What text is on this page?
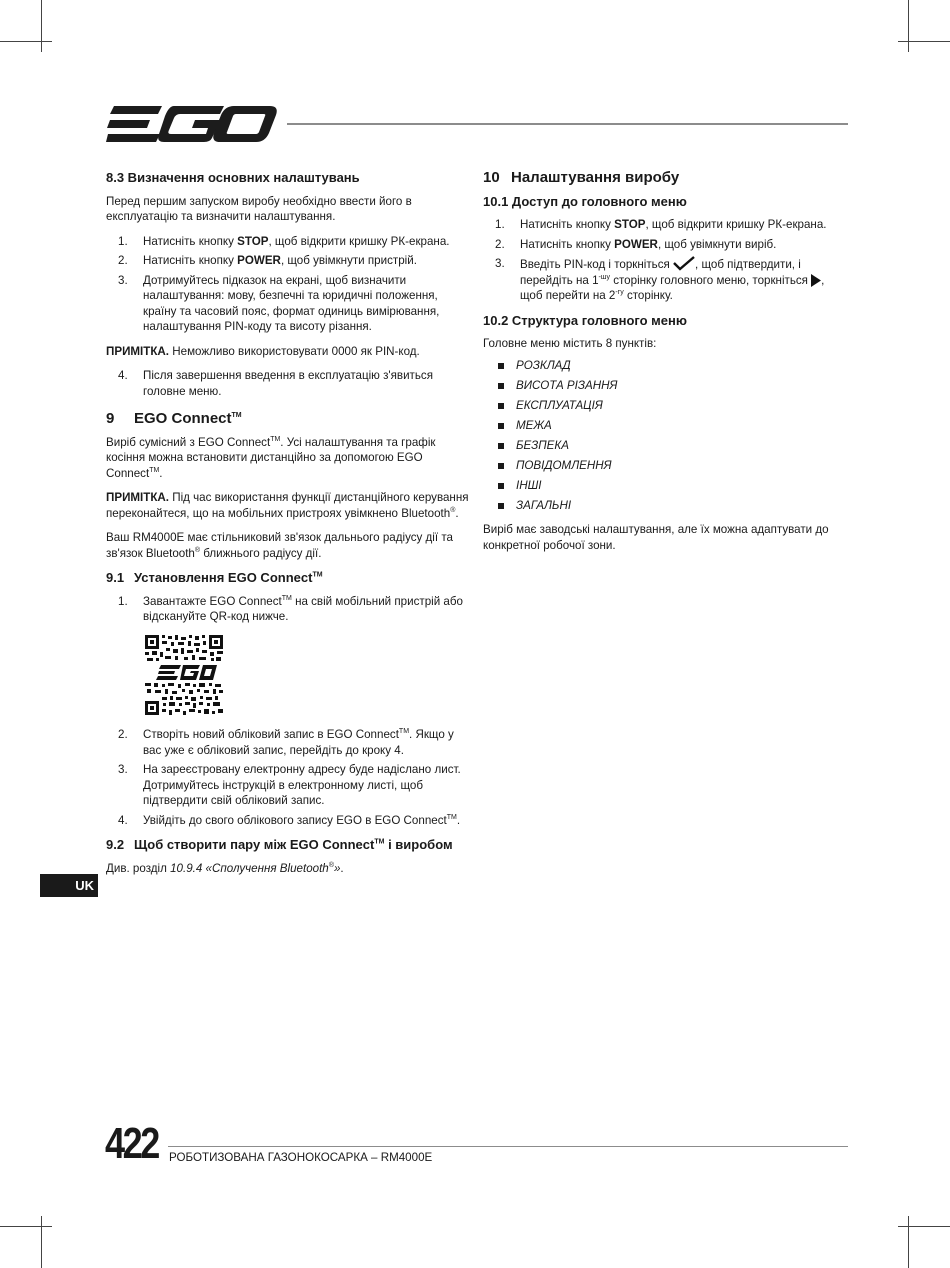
8.3 Визначення основних налаштувань

Перед першим запуском виробу необхідно ввести його в експлуатацію та визначити налаштування.

1. Натисніть кнопку STOP, щоб відкрити кришку РК-екрана.
2. Натисніть кнопку POWER, щоб увімкнути пристрій.
3. Дотримуйтесь підказок на екрані, щоб визначити налаштування: мову, безпечні та юридичні положення, країну та часовий пояс, формат одиниць вимірювання, налаштування PIN-коду та висоту різання.

ПРИМІТКА. Неможливо використовувати 0000 як PIN-код.

4. Після завершення введення в експлуатацію з'явиться головне меню.
9 EGO Connect™

Виріб сумісний з EGO Connect™. Усі налаштування та графік косіння можна встановити дистанційно за допомогою EGO Connect™.

ПРИМІТКА. Під час використання функції дистанційного керування переконайтеся, що на мобільних пристроях увімкнено Bluetooth®.

Ваш RM4000E має стільниковий зв'язок дальнього радіусу дії та зв'язок Bluetooth® ближнього радіусу дії.

9.1 Установлення EGO Connect™
1. Завантажте EGO Connect™ на свій мобільний пристрій або відскануйте QR-код нижче.
2. Створіть новий обліковий запис в EGO Connect™. Якщо у вас уже є обліковий запис, перейдіть до кроку 4.
3. На зареєстровану електронну адресу буде надіслано лист. Дотримуйтесь інструкцій в електронному листі, щоб підтвердити свій обліковий запис.
4. Увійдіть до свого облікового запису EGO в EGO Connect™.
9.2 Щоб створити пару між EGO Connect™ і виробом

Див. розділ 10.9.4 «Сполучення Bluetooth®».

10 Налаштування виробу
10.1 Доступ до головного меню
1. Натисніть кнопку STOP, щоб відкрити кришку РК-екрана.
2. Натисніть кнопку POWER, щоб увімкнути виріб.
3. Введіть PIN-код і торкніться , щоб підтвердити, і перейдіть на $1^{-шу}$ сторінку головного меню, торкніться , щоб перейти на $2^{-гу}$ сторінку.
10.2 Структура головного меню

Головне меню містить 8 пунктів:

РОЗКЛАД
ВИСОТА РІЗАННЯ
ЕКСПЛУАТАЦІЯ
МЕЖА
БЕЗПЕКА
ПОВІДОМЛЕННЯ
ІНШІ
ЗАГАЛЬНІ

Виріб має заводські налаштування, але їх можна адаптувати до конкретної робочої зони.

UK
422 РОБОТИЗОВАНА ГАЗОНОКОСАРКА – RM4000E
